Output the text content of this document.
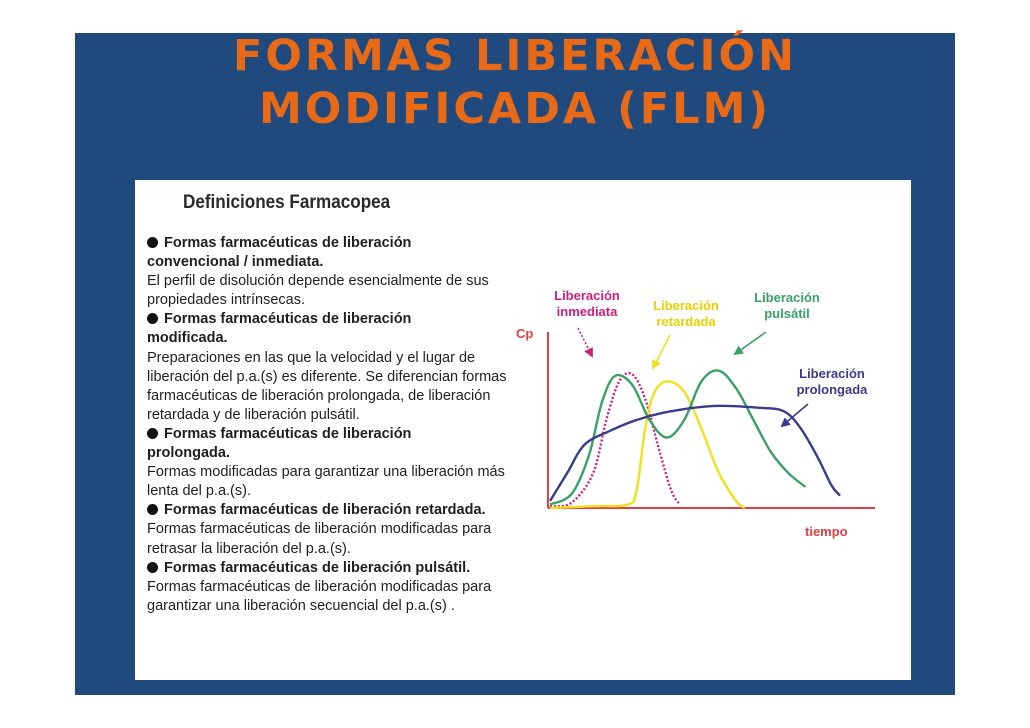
FORMAS LIBERACIÓN
MODIFICADA (FLM)
Definiciones Farmacopea
Formas farmacéuticas de liberación
convencional / inmediata.
El perfil de disolución depende esencialmente de sus
propiedades intrínsecas.
Formas farmacéuticas de liberación
modificada.
Preparaciones en las que la velocidad y el lugar de
liberación del p.a.(s) es diferente. Se diferencian formas
farmacéuticas de liberación prolongada, de liberación
retardada y de liberación pulsátil.
Formas farmacéuticas de liberación
prolongada.
Formas modificadas para garantizar una liberación más
lenta del p.a.(s).
Formas farmacéuticas de liberación retardada.
Formas farmacéuticas de liberación modificadas para
retrasar la liberación del p.a.(s).
Formas farmacéuticas de liberación pulsátil.
Formas farmacéuticas de liberación modificadas para
garantizar una liberación secuencial del p.a.(s) .
Cp
tiempo
Liberación inmediata	Liberación retardada
Liberación pulsátil
Liberación prolongada
